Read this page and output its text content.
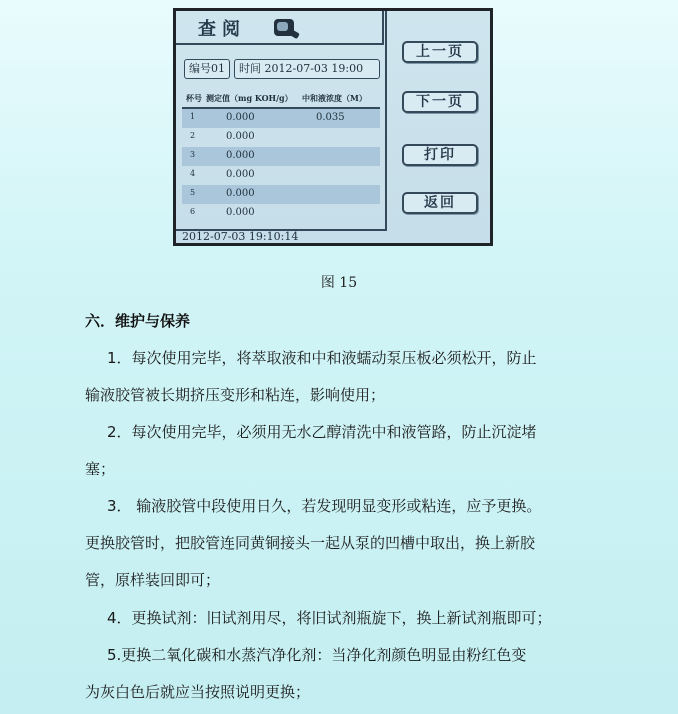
查阅
编号01	时间 2012-07-03 19:00
杯号 测定值（mg KOH/g） 中和液浓度（M）
1	0.000	0.035
2	0.000
3	0.000
4	0.000
5	0.000
6	0.000
2012-07-03 19:10:14
上一页
下一页
打印
返回
图 15
六．维护与保养

1．每次使用完毕，将萃取液和中和液蠕动泵压板必须松开，防止
输液胶管被长期挤压变形和粘连，影响使用；

2．每次使用完毕，必须用无水乙醇清洗中和液管路，防止沉淀堵
塞；

3． 输液胶管中段使用日久，若发现明显变形或粘连，应予更换。
更换胶管时，把胶管连同黄铜接头一起从泵的凹槽中取出，换上新胶
管，原样装回即可；

4．更换试剂：旧试剂用尽，将旧试剂瓶旋下，换上新试剂瓶即可；

5.更换二氧化碳和水蒸汽净化剂：当净化剂颜色明显由粉红色变
为灰白色后就应当按照说明更换；
